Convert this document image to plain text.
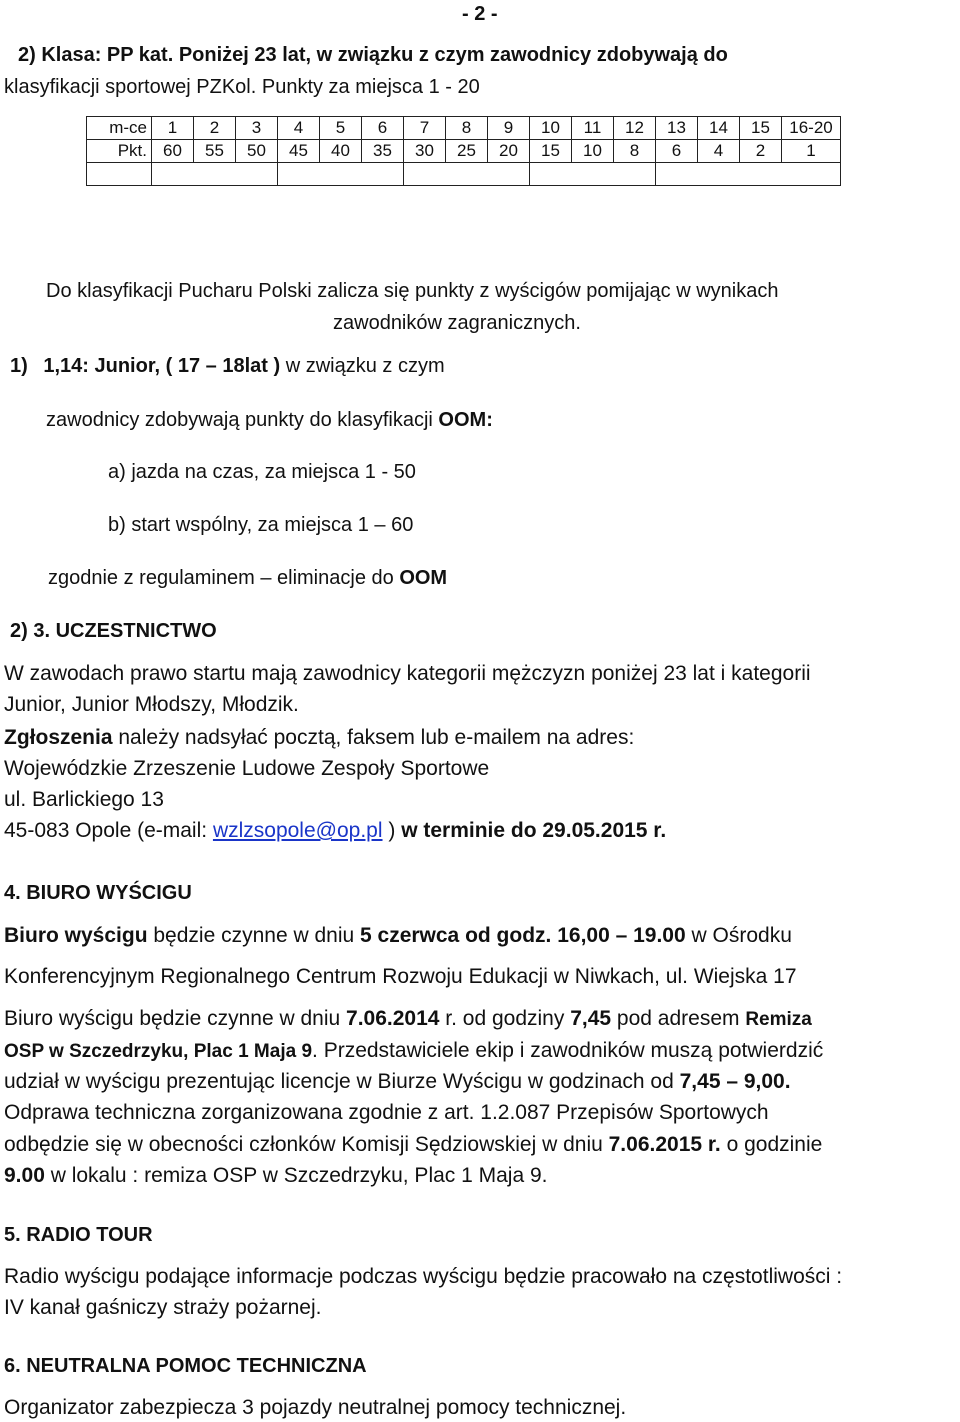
- 2 -
2) Klasa: PP kat. Poniżej 23 lat, w związku z czym zawodnicy zdobywają do
klasyfikacji sportowej PZKol. Punkty za miejsca 1 - 20
m-ce	1	2	3	4	5	6	7	8	9	10	11	12	13	14	15	16-20
Pkt.	60	55	50	45	40	35	30	25	20	15	10	8	6	4	2	1

Do klasyfikacji Pucharu Polski zalicza się punkty z wyścigów pomijając w wynikach
zawodników zagranicznych.
1) 1,14: Junior, ( 17 – 18lat ) w związku z czym
zawodnicy zdobywają punkty do klasyfikacji OOM:
a) jazda na czas, za miejsca 1 - 50
b) start wspólny, za miejsca 1 – 60
zgodnie z regulaminem – eliminacje do OOM
2) 3. UCZESTNICTWO
W zawodach prawo startu mają zawodnicy kategorii mężczyzn poniżej 23 lat i kategorii
Junior, Junior Młodszy, Młodzik.
Zgłoszenia należy nadsyłać pocztą, faksem lub e-mailem na adres:
Wojewódzkie Zrzeszenie Ludowe Zespoły Sportowe
ul. Barlickiego 13
45-083 Opole (e-mail: wzlzsopole@op.pl ) w terminie do 29.05.2015 r.
4. BIURO WYŚCIGU
Biuro wyścigu będzie czynne w dniu 5 czerwca od godz. 16,00 – 19.00 w Ośrodku
Konferencyjnym Regionalnego Centrum Rozwoju Edukacji w Niwkach, ul. Wiejska 17
Biuro wyścigu będzie czynne w dniu 7.06.2014 r. od godziny 7,45 pod adresem Remiza
OSP w Szczedrzyku, Plac 1 Maja 9. Przedstawiciele ekip i zawodników muszą potwierdzić
udział w wyścigu prezentując licencje w Biurze Wyścigu w godzinach od 7,45 – 9,00.
Odprawa techniczna zorganizowana zgodnie z art. 1.2.087 Przepisów Sportowych
odbędzie się w obecności członków Komisji Sędziowskiej w dniu 7.06.2015 r. o godzinie
9.00 w lokalu : remiza OSP w Szczedrzyku, Plac 1 Maja 9.
5. RADIO TOUR
Radio wyścigu podające informacje podczas wyścigu będzie pracowało na częstotliwości :
IV kanał gaśniczy straży pożarnej.
6. NEUTRALNA POMOC TECHNICZNA
Organizator zabezpiecza 3 pojazdy neutralnej pomocy technicznej.
